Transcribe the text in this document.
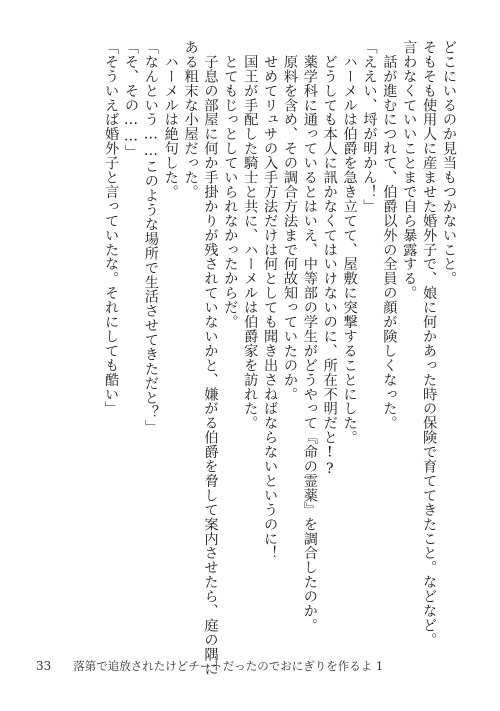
どこにいるのか見当もつかないこと。

そもそも使用人に産ませた婚外子で、娘に何かあった時の保険で育ててきたこと。などなど。

言わなくていいことまで自ら暴露する。

　話が進むにつれて、伯爵以外の全員の顔が険しくなった。

「ええい、埒が明かん！」

　ハーメルは伯爵を急き立てて、屋敷に突撃することにした。

　どうしても本人に訊かなくてはいけないのに、所在不明だと!?

　薬学科に通っているとはいえ、中等部の学生がどうやって『命の霊薬』を調合したのか。

　原料を含め、その調合方法まで何故知っていたのか。

　せめてリュサの入手方法だけは何としても聞き出さねばならないというのに！

　国王が手配した騎士と共に、ハーメルは伯爵家を訪れた。

　とてもじっとしていられなかったからだ。

　子息の部屋に何か手掛かりが残されていないかと、嫌がる伯爵を脅して案内させたら、庭の隅に

ある粗末な小屋だった。

　ハーメルは絶句した。

「なんという……このような場所で生活させてきただと？」

「そ、その……」

「そういえば婚外子と言っていたな。それにしても酷い」

33 落第で追放されたけどチートだったのでおにぎりを作るよ 1
